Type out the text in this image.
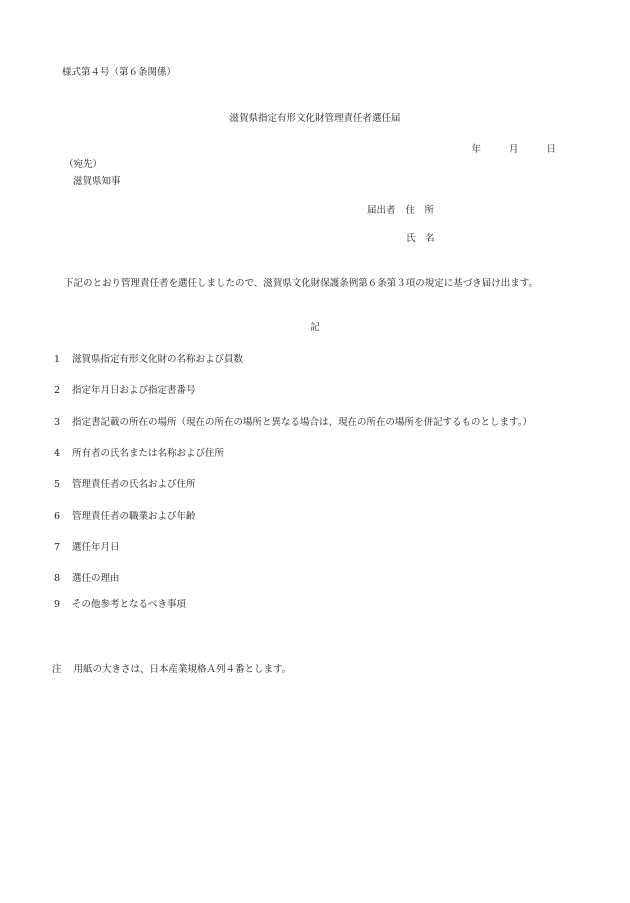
様式第４号（第６条関係）
滋賀県指定有形文化財管理責任者選任届
年	月	日
（宛先）
滋賀県知事
届出者 住　所
氏　名
下記のとおり管理責任者を選任しましたので、滋賀県文化財保護条例第６条第３項の規定に基づき届け出ます。
記
1 滋賀県指定有形文化財の名称および員数
2 指定年月日および指定書番号
3 指定書記載の所在の場所（現在の所在の場所と異なる場合は、現在の所在の場所を併記するものとします。）
4 所有者の氏名または名称および住所
5 管理責任者の氏名および住所
6 管理責任者の職業および年齢
7 選任年月日
8 選任の理由
9 その他参考となるべき事項
注 用紙の大きさは、日本産業規格Ａ列４番とします。
